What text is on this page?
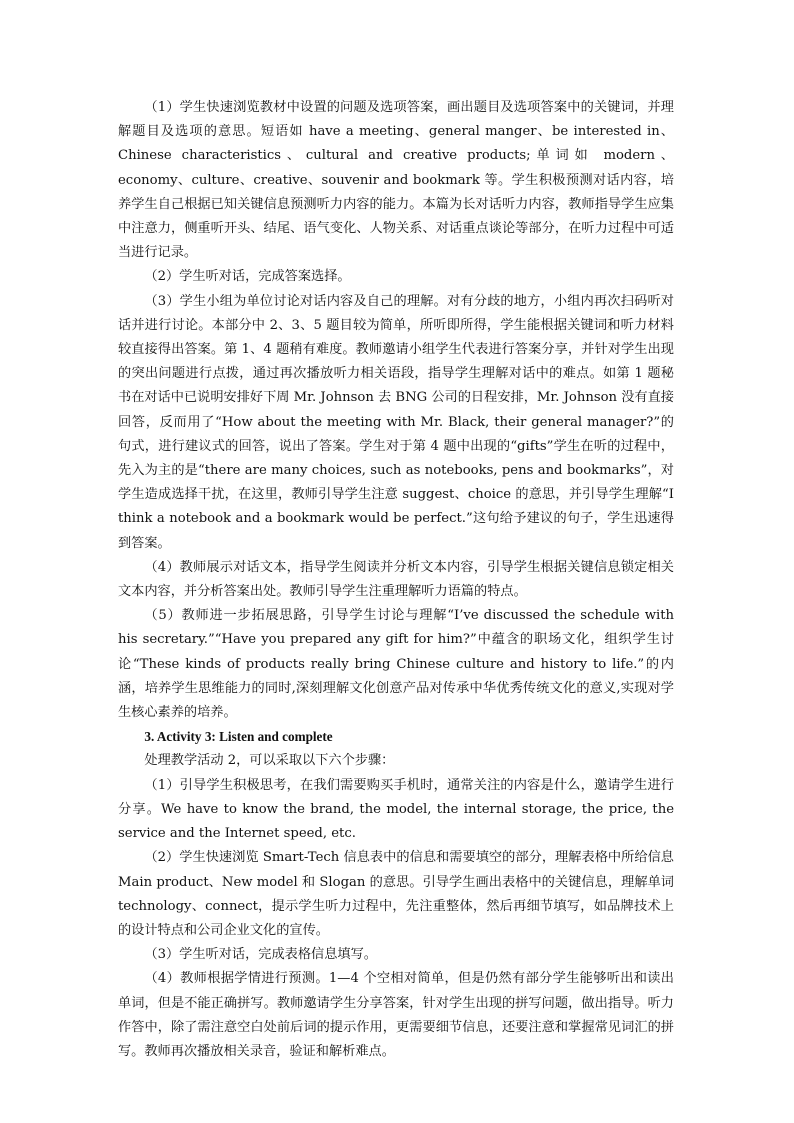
（1）学生快速浏览教材中设置的问题及选项答案，画出题目及选项答案中的关键词，并理解题目及选项的意思。短语如 have a meeting、general manger、be interested in、Chinese characteristics、cultural and creative products;单词如 modern、economy、culture、creative、souvenir and bookmark 等。学生积极预测对话内容，培养学生自己根据已知关键信息预测听力内容的能力。本篇为长对话听力内容，教师指导学生应集中注意力，侧重听开头、结尾、语气变化、人物关系、对话重点谈论等部分，在听力过程中可适当进行记录。

（2）学生听对话，完成答案选择。

（3）学生小组为单位讨论对话内容及自己的理解。对有分歧的地方，小组内再次扫码听对话并进行讨论。本部分中 2、3、5 题目较为简单，所听即所得，学生能根据关键词和听力材料较直接得出答案。第 1、4 题稍有难度。教师邀请小组学生代表进行答案分享，并针对学生出现的突出问题进行点拨，通过再次播放听力相关语段，指导学生理解对话中的难点。如第 1 题秘书在对话中已说明安排好下周 Mr. Johnson 去 BNG 公司的日程安排，Mr. Johnson 没有直接回答，反而用了“How about the meeting with Mr. Black, their general manager?”的句式，进行建议式的回答，说出了答案。学生对于第 4 题中出现的“gifts”学生在听的过程中，先入为主的是“there are many choices, such as notebooks, pens and bookmarks”，对学生造成选择干扰，在这里，教师引导学生注意 suggest、choice 的意思，并引导学生理解“I think a notebook and a bookmark would be perfect.”这句给予建议的句子，学生迅速得到答案。

（4）教师展示对话文本，指导学生阅读并分析文本内容，引导学生根据关键信息锁定相关文本内容，并分析答案出处。教师引导学生注重理解听力语篇的特点。

（5）教师进一步拓展思路，引导学生讨论与理解“I’ve discussed the schedule with his secretary.”“Have you prepared any gift for him?”中蕴含的职场文化，组织学生讨论“These kinds of products really bring Chinese culture and history to life.”的内涵，培养学生思维能力的同时,深刻理解文化创意产品对传承中华优秀传统文化的意义,实现对学生核心素养的培养。

3. Activity 3: Listen and complete

处理教学活动 2，可以采取以下六个步骤：

（1）引导学生积极思考，在我们需要购买手机时，通常关注的内容是什么，邀请学生进行分享。We have to know the brand, the model, the internal storage, the price, the service and the Internet speed, etc.

（2）学生快速浏览 Smart-Tech 信息表中的信息和需要填空的部分，理解表格中所给信息 Main product、New model 和 Slogan 的意思。引导学生画出表格中的关键信息，理解单词 technology、connect，提示学生听力过程中，先注重整体，然后再细节填写，如品牌技术上的设计特点和公司企业文化的宣传。

（3）学生听对话，完成表格信息填写。

（4）教师根据学情进行预测。1—4 个空相对简单，但是仍然有部分学生能够听出和读出单词，但是不能正确拼写。教师邀请学生分享答案，针对学生出现的拼写问题，做出指导。听力作答中，除了需注意空白处前后词的提示作用，更需要细节信息，还要注意和掌握常见词汇的拼写。教师再次播放相关录音，验证和解析难点。
